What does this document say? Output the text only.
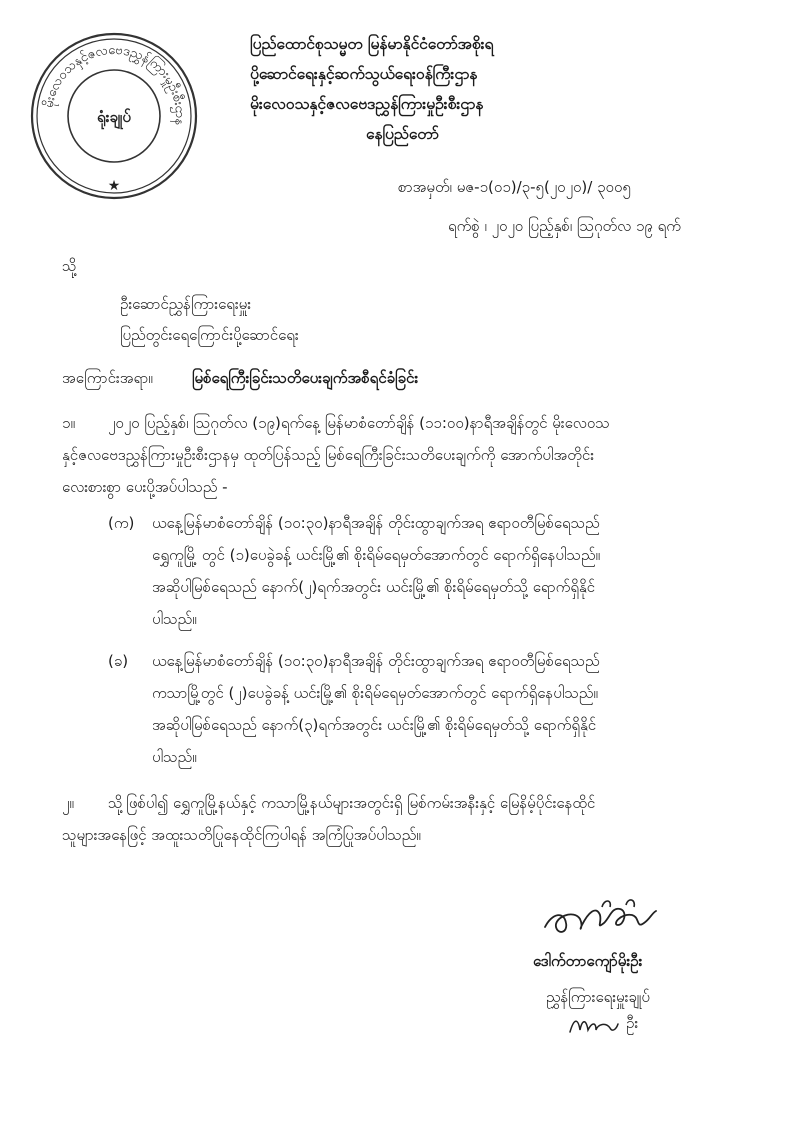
မိုးလေဝသနှင့်ဇလဗေဒညွှန်ကြားမှုဦးစီးဌာန
ရုံးချုပ်
★
ပြည်ထောင်စုသမ္မတ မြန်မာနိုင်ငံတော်အစိုးရ
ပို့ဆောင်ရေးနှင့်ဆက်သွယ်ရေးဝန်ကြီးဌာန
မိုးလေဝသနှင့်ဇလဗေဒညွှန်ကြားမှုဦးစီးဌာန
နေပြည်တော်
စာအမှတ်၊ မဇ-၁(၀၁)/၃-၅(၂၀၂၀)/ ၃၀၀၅
ရက်စွဲ ၊ ၂၀၂၀ ပြည့်နှစ်၊ ဩဂုတ်လ ၁၉ ရက်
သို့
ဦးဆောင်ညွှန်ကြားရေးမှူး
ပြည်တွင်းရေကြောင်းပို့ဆောင်ရေး
အကြောင်းအရာ။	မြစ်ရေကြီးခြင်းသတိပေးချက်အစီရင်ခံခြင်း
၁။ ၂၀၂၀ ပြည့်နှစ်၊ ဩဂုတ်လ (၁၉)ရက်နေ့ မြန်မာစံတော်ချိန် (၁၁:၀၀)နာရီအချိန်တွင် မိုးလေဝသ
နှင့်ဇလဗေဒညွှန်ကြားမှုဦးစီးဌာနမှ ထုတ်ပြန်သည့် မြစ်ရေကြီးခြင်းသတိပေးချက်ကို အောက်ပါအတိုင်း
လေးစားစွာ ပေးပို့အပ်ပါသည် -
(က) ယနေ့မြန်မာစံတော်ချိန် (၁၀:၃၀)နာရီအချိန် တိုင်းထွာချက်အရ ဧရာဝတီမြစ်ရေသည်
ရွှေကူမြို့ တွင် (၁)ပေခွဲခန့် ယင်းမြို့၏ စိုးရိမ်ရေမှတ်အောက်တွင် ရောက်ရှိနေပါသည်။
အဆိုပါမြစ်ရေသည် နောက်(၂)ရက်အတွင်း ယင်းမြို့၏ စိုးရိမ်ရေမှတ်သို့ ရောက်ရှိနိုင်
ပါသည်။
(ခ) ယနေ့မြန်မာစံတော်ချိန် (၁၀:၃၀)နာရီအချိန် တိုင်းထွာချက်အရ ဧရာဝတီမြစ်ရေသည်
ကသာမြို့တွင် (၂)ပေခွဲခန့် ယင်းမြို့၏ စိုးရိမ်ရေမှတ်အောက်တွင် ရောက်ရှိနေပါသည်။
အဆိုပါမြစ်ရေသည် နောက်(၃)ရက်အတွင်း ယင်းမြို့၏ စိုးရိမ်ရေမှတ်သို့ ရောက်ရှိနိုင်
ပါသည်။
၂။ သို့ဖြစ်ပါ၍ ရွှေကူမြို့နယ်နှင့် ကသာမြို့နယ်များအတွင်းရှိ မြစ်ကမ်းအနီးနှင့် မြေနိမ့်ပိုင်းနေထိုင်
သူများအနေဖြင့် အထူးသတိပြုနေထိုင်ကြပါရန် အကြံပြုအပ်ပါသည်။
ဒေါက်တာကျော်မိုးဦး
ညွှန်ကြားရေးမှူးချုပ်
ဦး
